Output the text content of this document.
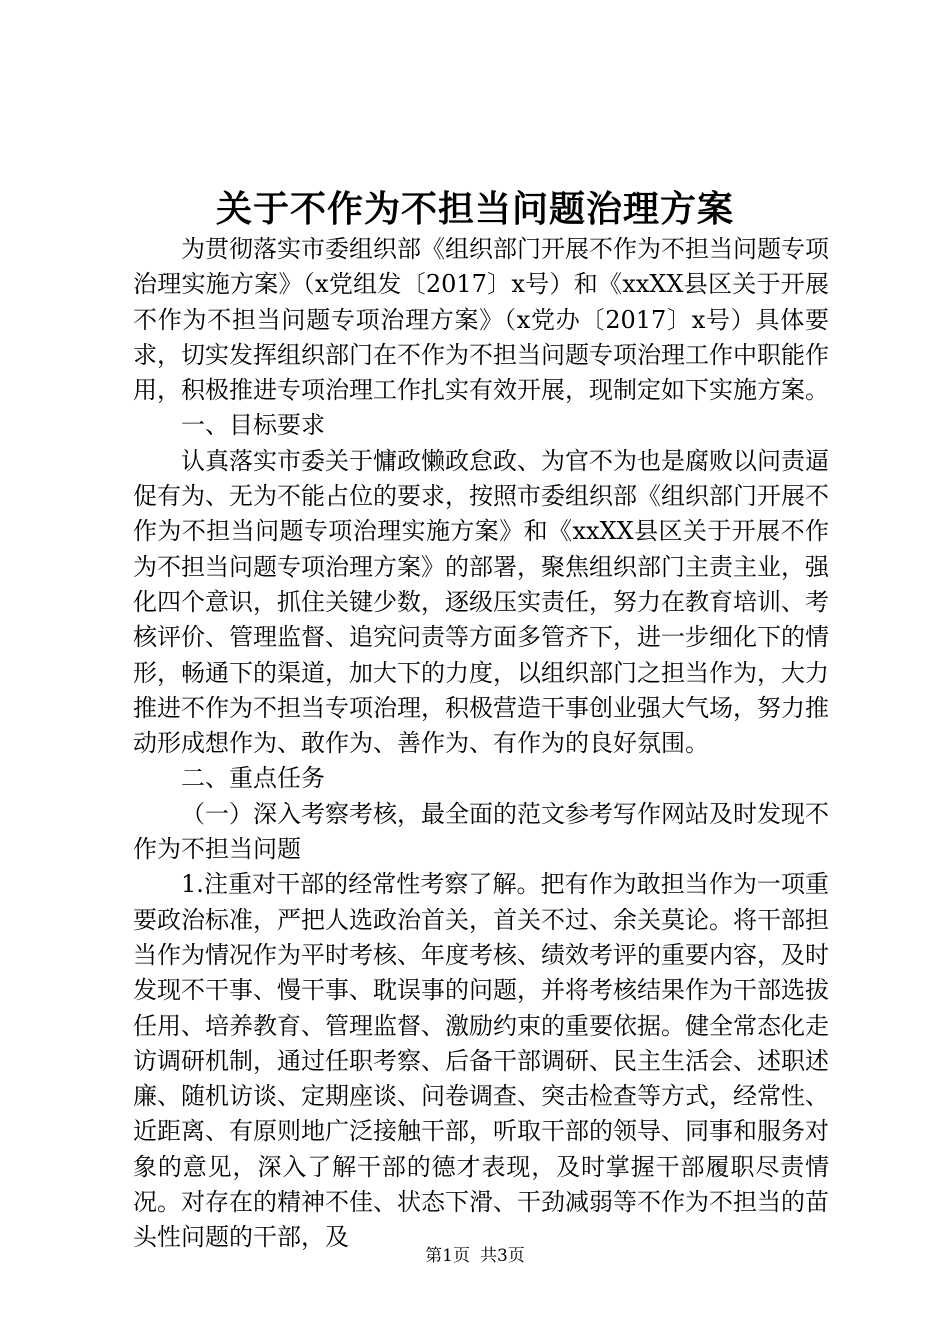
关于不作为不担当问题治理方案

为贯彻落实市委组织部《组织部门开展不作为不担当问题专项治理实施方案》（x党组发〔2017〕x号）和《xxXX县区关于开展不作为不担当问题专项治理方案》（x党办〔2017〕x号）具体要求，切实发挥组织部门在不作为不担当问题专项治理工作中职能作用，积极推进专项治理工作扎实有效开展，现制定如下实施方案。

一、目标要求

认真落实市委关于慵政懒政怠政、为官不为也是腐败以问责逼促有为、无为不能占位的要求，按照市委组织部《组织部门开展不作为不担当问题专项治理实施方案》和《xxXX县区关于开展不作为不担当问题专项治理方案》的部署，聚焦组织部门主责主业，强化四个意识，抓住关键少数，逐级压实责任，努力在教育培训、考核评价、管理监督、追究问责等方面多管齐下，进一步细化下的情形，畅通下的渠道，加大下的力度，以组织部门之担当作为，大力推进不作为不担当专项治理，积极营造干事创业强大气场，努力推动形成想作为、敢作为、善作为、有作为的良好氛围。

二、重点任务

（一）深入考察考核，最全面的范文参考写作网站及时发现不作为不担当问题

1.注重对干部的经常性考察了解。把有作为敢担当作为一项重要政治标准，严把人选政治首关，首关不过、余关莫论。将干部担当作为情况作为平时考核、年度考核、绩效考评的重要内容，及时发现不干事、慢干事、耽误事的问题，并将考核结果作为干部选拔任用、培养教育、管理监督、激励约束的重要依据。健全常态化走访调研机制，通过任职考察、后备干部调研、民主生活会、述职述廉、随机访谈、定期座谈、问卷调查、突击检查等方式，经常性、近距离、有原则地广泛接触干部，听取干部的领导、同事和服务对象的意见，深入了解干部的德才表现，及时掌握干部履职尽责情况。对存在的精神不佳、状态下滑、干劲减弱等不作为不担当的苗头性问题的干部，及

第1页 共3页
